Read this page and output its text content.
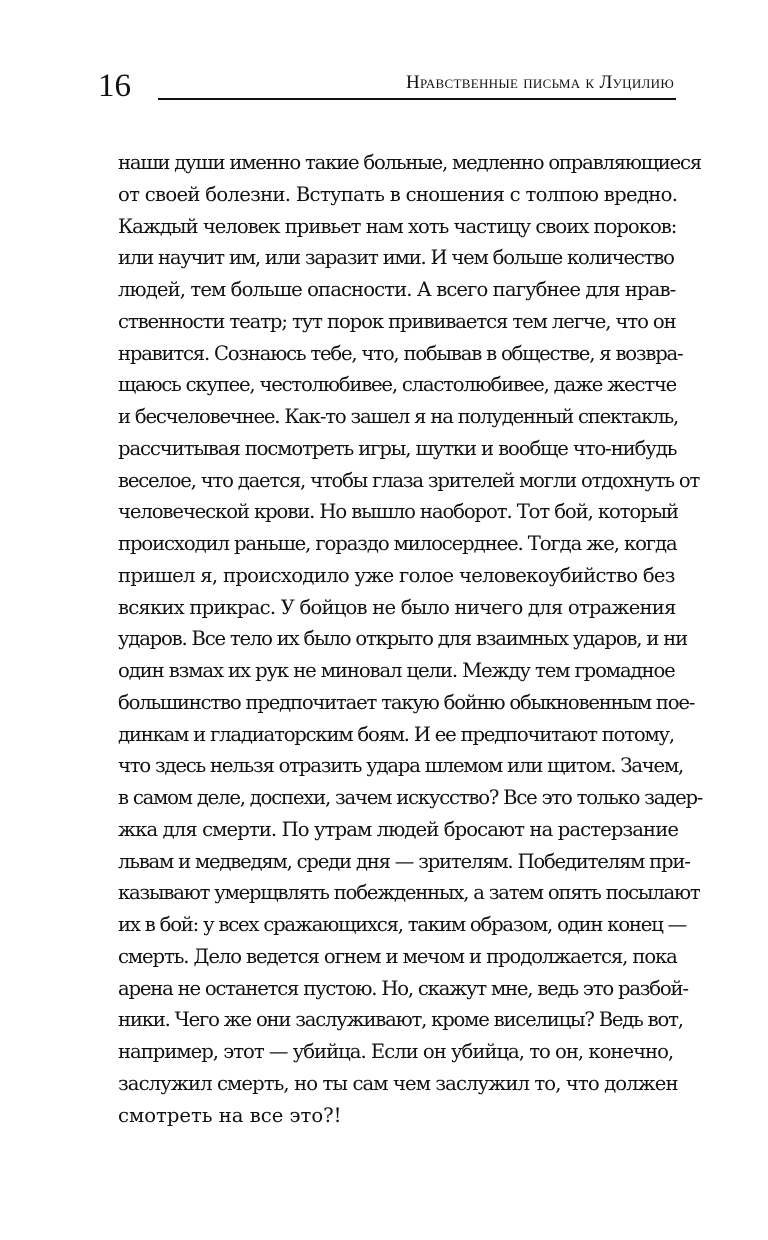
16	Нравственные письма к Луцилию
наши души именно такие больные, медленно оправляющиеся
от своей болезни. Вступать в сношения с толпою вредно.
Каждый человек привьет нам хоть частицу своих пороков:
или научит им, или заразит ими. И чем больше количество
людей, тем больше опасности. А всего пагубнее для нрав-
ственности театр; тут порок прививается тем легче, что он
нравится. Сознаюсь тебе, что, побывав в обществе, я возвра-
щаюсь скупее, честолюбивее, сластолюбивее, даже жестче
и бесчеловечнее. Как-то зашел я на полуденный спектакль,
рассчитывая посмотреть игры, шутки и вообще что-нибудь
веселое, что дается, чтобы глаза зрителей могли отдохнуть от
человеческой крови. Но вышло наоборот. Тот бой, который
происходил раньше, гораздо милосерднее. Тогда же, когда
пришел я, происходило уже голое человекоубийство без
всяких прикрас. У бойцов не было ничего для отражения
ударов. Все тело их было открыто для взаимных ударов, и ни
один взмах их рук не миновал цели. Между тем громадное
большинство предпочитает такую бойню обыкновенным пое-
динкам и гладиаторским боям. И ее предпочитают потому,
что здесь нельзя отразить удара шлемом или щитом. Зачем,
в самом деле, доспехи, зачем искусство? Все это только задер-
жка для смерти. По утрам людей бросают на растерзание
львам и медведям, среди дня — зрителям. Победителям при-
казывают умерщвлять побежденных, а затем опять посылают
их в бой: у всех сражающихся, таким образом, один конец —
смерть. Дело ведется огнем и мечом и продолжается, пока
арена не останется пустою. Но, скажут мне, ведь это разбой-
ники. Чего же они заслуживают, кроме виселицы? Ведь вот,
например, этот — убийца. Если он убийца, то он, конечно,
заслужил смерть, но ты сам чем заслужил то, что должен
смотреть на все это?!
